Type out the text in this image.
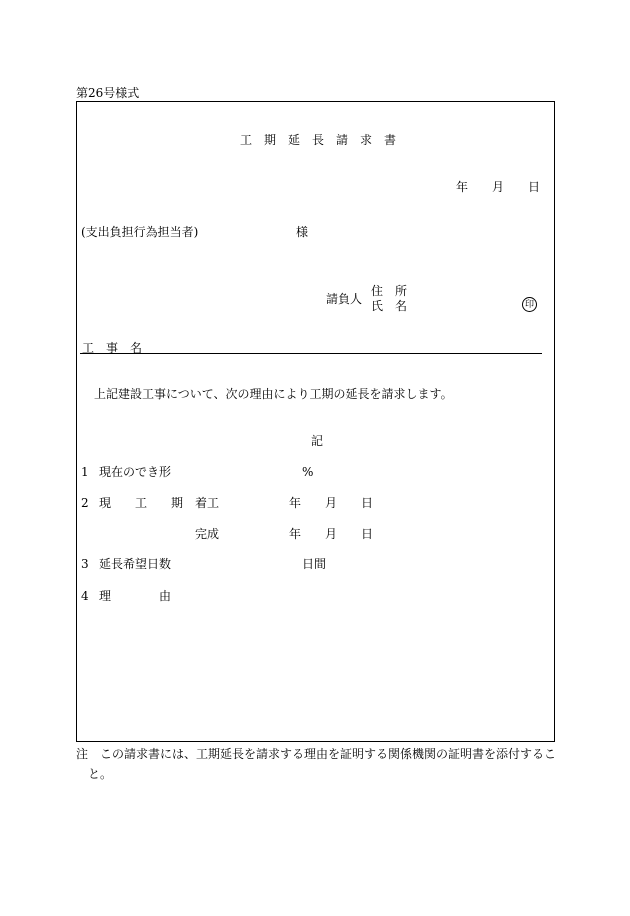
第26号様式
工期延長請求書
年 月 日
(支出負担行為担当者)	様
請負人
住　所
氏　名	印
工　事　名
上記建設工事について、次の理由により工期の延長を請求します。
記
1 現在のでき形	%
2 現　　工　　期 着工	年 月 日
完成	年 月 日
3 延長希望日数	日間
4 理　　　　由
注 この請求書には、工期延長を請求する理由を証明する関係機関の証明書を添付するこ
と。
